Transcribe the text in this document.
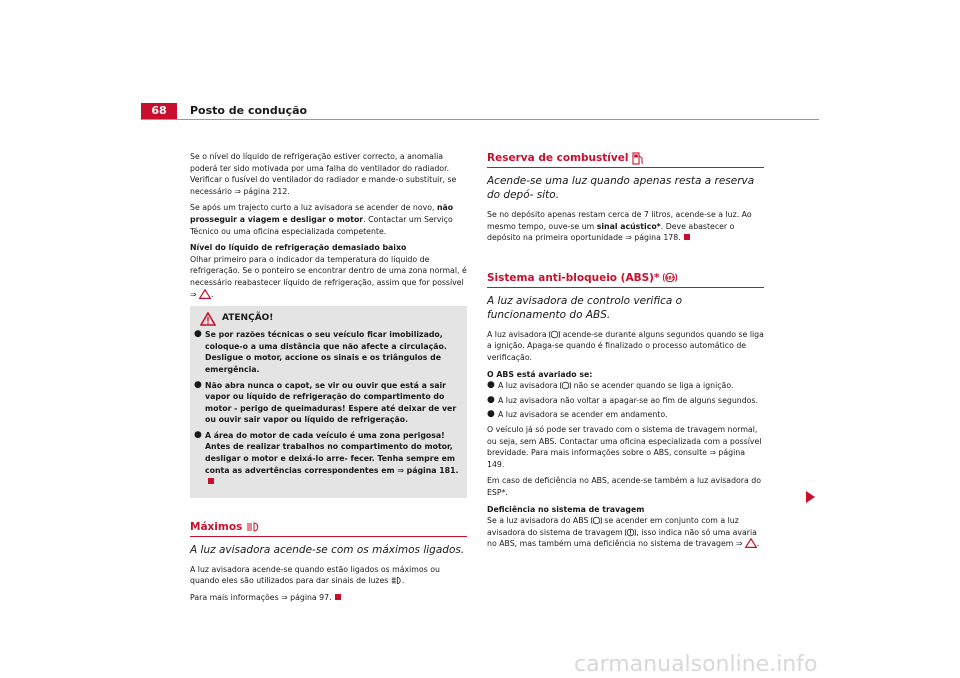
68	Posto de condução

Se o nível do líquido de refrigeração estiver correcto, a anomalia poderá ter sido motivada por uma falha do ventilador do radiador. Verificar o fusível do ventilador do radiador e mande-o substituir, se necessário ⇒ página 212.

Se após um trajecto curto a luz avisadora se acender de novo, não prosseguir a viagem e desligar o motor. Contactar um Serviço Técnico ou uma oficina especializada competente.

Nível do líquido de refrigeração demasiado baixo

Olhar primeiro para o indicador da temperatura do líquido de refrigeração. Se o ponteiro se encontrar dentro de uma zona normal, é necessário reabastecer líquido de refrigeração, assim que for possível ⇒ .

ATENÇÃO!
● Se por razões técnicas o seu veículo ficar imobilizado, coloque-o a uma distância que não afecte a circulação. Desligue o motor, accione os sinais e os triângulos de emergência.
● Não abra nunca o capot, se vir ou ouvir que está a sair vapor ou líquido de refrigeração do compartimento do motor - perigo de queimaduras! Espere até deixar de ver ou ouvir sair vapor ou líquido de refrigeração.
● A área do motor de cada veículo é uma zona perigosa! Antes de realizar trabalhos no compartimento do motor, desligar o motor e deixá-lo arre- fecer. Tenha sempre em conta as advertências correspondentes em ⇒ página 181.
Máximos
A luz avisadora acende-se com os máximos ligados.

A luz avisadora acende-se quando estão ligados os máximos ou quando eles são utilizados para dar sinais de luzes .

Para mais informações ⇒ página 97.

Reserva de combustível
Acende-se uma luz quando apenas resta a reserva do depó- sito.

Se no depósito apenas restam cerca de 7 litros, acende-se a luz. Ao mesmo tempo, ouve-se um sinal acústico*. Deve abastecer o depósito na primeira oportunidade ⇒ página 178.

Sistema anti-bloqueio (ABS)* ABS
A luz avisadora de controlo verifica o funcionamento do ABS.

A luz avisadora acende-se durante alguns segundos quando se liga a ignição. Apaga-se quando é finalizado o processo automático de verificação.

O ABS está avariado se:

● A luz avisadora não se acender quando se liga a ignição.
● A luz avisadora não voltar a apagar-se ao fim de alguns segundos.
● A luz avisadora se acender em andamento.

O veículo já só pode ser travado com o sistema de travagem normal, ou seja, sem ABS. Contactar uma oficina especializada com a possível brevidade. Para mais informações sobre o ABS, consulte ⇒ página 149.

Em caso de deficiência no ABS, acende-se também a luz avisadora do ESP*.

Deficiência no sistema de travagem

Se a luz avisadora do ABS se acender em conjunto com a luz avisadora do sistema de travagem , isso indica não só uma avaria no ABS, mas também uma deficiência no sistema de travagem ⇒ .

carmanualsonline.info
